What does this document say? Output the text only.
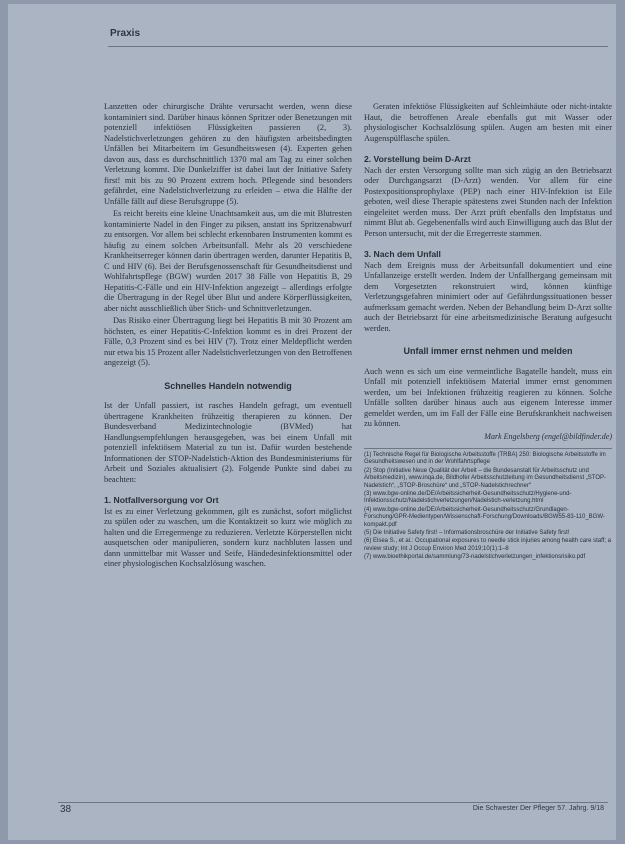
Praxis

Lanzetten oder chirurgische Drähte verursacht werden, wenn diese kontaminiert sind. Darüber hinaus können Spritzer oder Benetzungen mit potenziell infektiösen Flüssigkeiten passieren (2, 3). Nadelstichverletzungen gehören zu den häufigsten arbeitsbedingten Unfällen bei Mitarbeitern im Gesundheitswesen (4). Experten gehen davon aus, dass es durchschnittlich 1370 mal am Tag zu einer solchen Verletzung kommt. Die Dunkelziffer ist dabei laut der Initiative Safety first! mit bis zu 90 Prozent extrem hoch. Pflegende sind besonders gefährdet, eine Nadelstichverletzung zu erleiden – etwa die Hälfte der Unfälle fällt auf diese Berufsgruppe (5).

Es reicht bereits eine kleine Unachtsamkeit aus, um die mit Blutresten kontaminierte Nadel in den Finger zu piksen, anstatt ins Spritzenabwurf zu entsorgen. Vor allem bei schlecht erkennbaren Instrumenten kommt es häufig zu einem solchen Arbeitsunfall. Mehr als 20 verschiedene Krankheitserreger können darin übertragen werden, darunter Hepatitis B, C und HIV (6). Bei der Berufsgenossenschaft für Gesundheitsdienst und Wohlfahrtspflege (BGW) wurden 2017 38 Fälle von Hepatitis B, 29 Hepatitis-C-Fälle und ein HIV-Infektion angezeigt – allerdings erfolgte die Übertragung in der Regel über Blut und andere Körperflüssigkeiten, aber nicht ausschließlich über Stich- und Schnittverletzungen.

Das Risiko einer Übertragung liegt bei Hepatitis B mit 30 Prozent am höchsten, es einer Hepatitis-C-Infektion kommt es in drei Prozent der Fälle, 0,3 Prozent sind es bei HIV (7). Trotz einer Meldepflicht werden nur etwa bis 15 Prozent aller Nadelstichverletzungen von den Betroffenen angezeigt (5).

Schnelles Handeln notwendig

Ist der Unfall passiert, ist rasches Handeln gefragt, um eventuell übertragene Krankheiten frühzeitig therapieren zu können. Der Bundesverband Medizintechnologie (BVMed) hat Handlungsempfehlungen herausgegeben, was bei einem Unfall mit potenziell infektiösem Material zu tun ist. Dafür wurden bestehende Informationen der STOP-Nadelstich-Aktion des Bundesministeriums für Arbeit und Soziales aktualisiert (2). Folgende Punkte sind dabei zu beachten:

1. Notfallversorgung vor Ort

Ist es zu einer Verletzung gekommen, gilt es zunächst, sofort möglichst zu spülen oder zu waschen, um die Kontaktzeit so kurz wie möglich zu halten und die Erregermenge zu reduzieren. Verletzte Körperstellen nicht ausquetschen oder manipulieren, sondern kurz nachbluten lassen und dann unmittelbar mit Wasser und Seife, Händedesinfektionsmittel oder einer physiologischen Kochsalzlösung waschen.

Geraten infektiöse Flüssigkeiten auf Schleimhäute oder nicht-intakte Haut, die betroffenen Areale ebenfalls gut mit Wasser oder physiologischer Kochsalzlösung spülen. Augen am besten mit einer Augenspülflasche spülen.

2. Vorstellung beim D-Arzt

Nach der ersten Versorgung sollte man sich zügig an den Betriebsarzt oder Durchgangsarzt (D-Arzt) wenden. Vor allem für eine Postexpositionsprophylaxe (PEP) nach einer HIV-Infektion ist Eile geboten, weil diese Therapie spätestens zwei Stunden nach der Infektion eingeleitet werden muss. Der Arzt prüft ebenfalls den Impfstatus und nimmt Blut ab. Gegebenenfalls wird auch Einwilligung auch das Blut der Person untersucht, mit der die Erregerreste stammen.

3. Nach dem Unfall

Nach dem Ereignis muss der Arbeitsunfall dokumentiert und eine Unfallanzeige erstellt werden. Indem der Unfallhergang gemeinsam mit dem Vorgesetzten rekonstruiert wird, können künftige Verletzungsgefahren minimiert oder auf Gefährdungssituationen besser aufmerksam gemacht werden. Neben der Behandlung beim D-Arzt sollte auch der Betriebsarzt für eine arbeitsmedizinische Beratung aufgesucht werden.

Unfall immer ernst nehmen und melden

Auch wenn es sich um eine vermeintliche Bagatelle handelt, muss ein Unfall mit potenziell infektiösem Material immer ernst genommen werden, um bei Infektionen frühzeitig reagieren zu können. Solche Unfälle sollten darüber hinaus auch aus eigenem Interesse immer gemeldet werden, um im Fall der Fälle eine Berufskrankheit nachweisen zu können.

Mark Engelsberg (engel@bildfinder.de)
(1) Technische Regel für Biologische Arbeitsstoffe (TRBA) 250: Biologische Arbeitsstoffe im Gesundheitswesen und in der Wohlfahrtspflege
(2) Stop (Initiative Neue Qualität der Arbeit – die Bundesanstalt für Arbeitsschutz und Arbeitsmedizin), www.inqa.de, Bildhofer Arbeitsschutzleitung im Gesundheitsdienst „STOP-Nadelstich“, „STOP-Broschüre“ und „STOP-Nadelstichrechner“
(3) www.bgw-online.de/DE/Arbeitssicherheit-Gesundheitsschutz/Hygiene-und-Infektionsschutz/Nadelstichverletzungen/Nadelstich-verletzung.html
(4) www.bgw-online.de/DE/Arbeitssicherheit-Gesundheitsschutz/Grundlagen-Forschung/GPR-Medientypen/Wissenschaft-Forschung/Downloads/BGW55-83-110_BGW-kompakt.pdf
(5) Die Initiative Safety first! – Informationsbroschüre der Initiative Safety first!
(6) Elsea S., et al.: Occupational exposures to needle stick injuries among health care staff; a review study; Int J Occup Environ Med 2019;10(1):1–8
(7) www.bioethikportal.de/sammlung/73-nadelstichverletzungen_infektionsrisiko.pdf
38	Die Schwester Der Pfleger 57. Jahrg. 9/18
